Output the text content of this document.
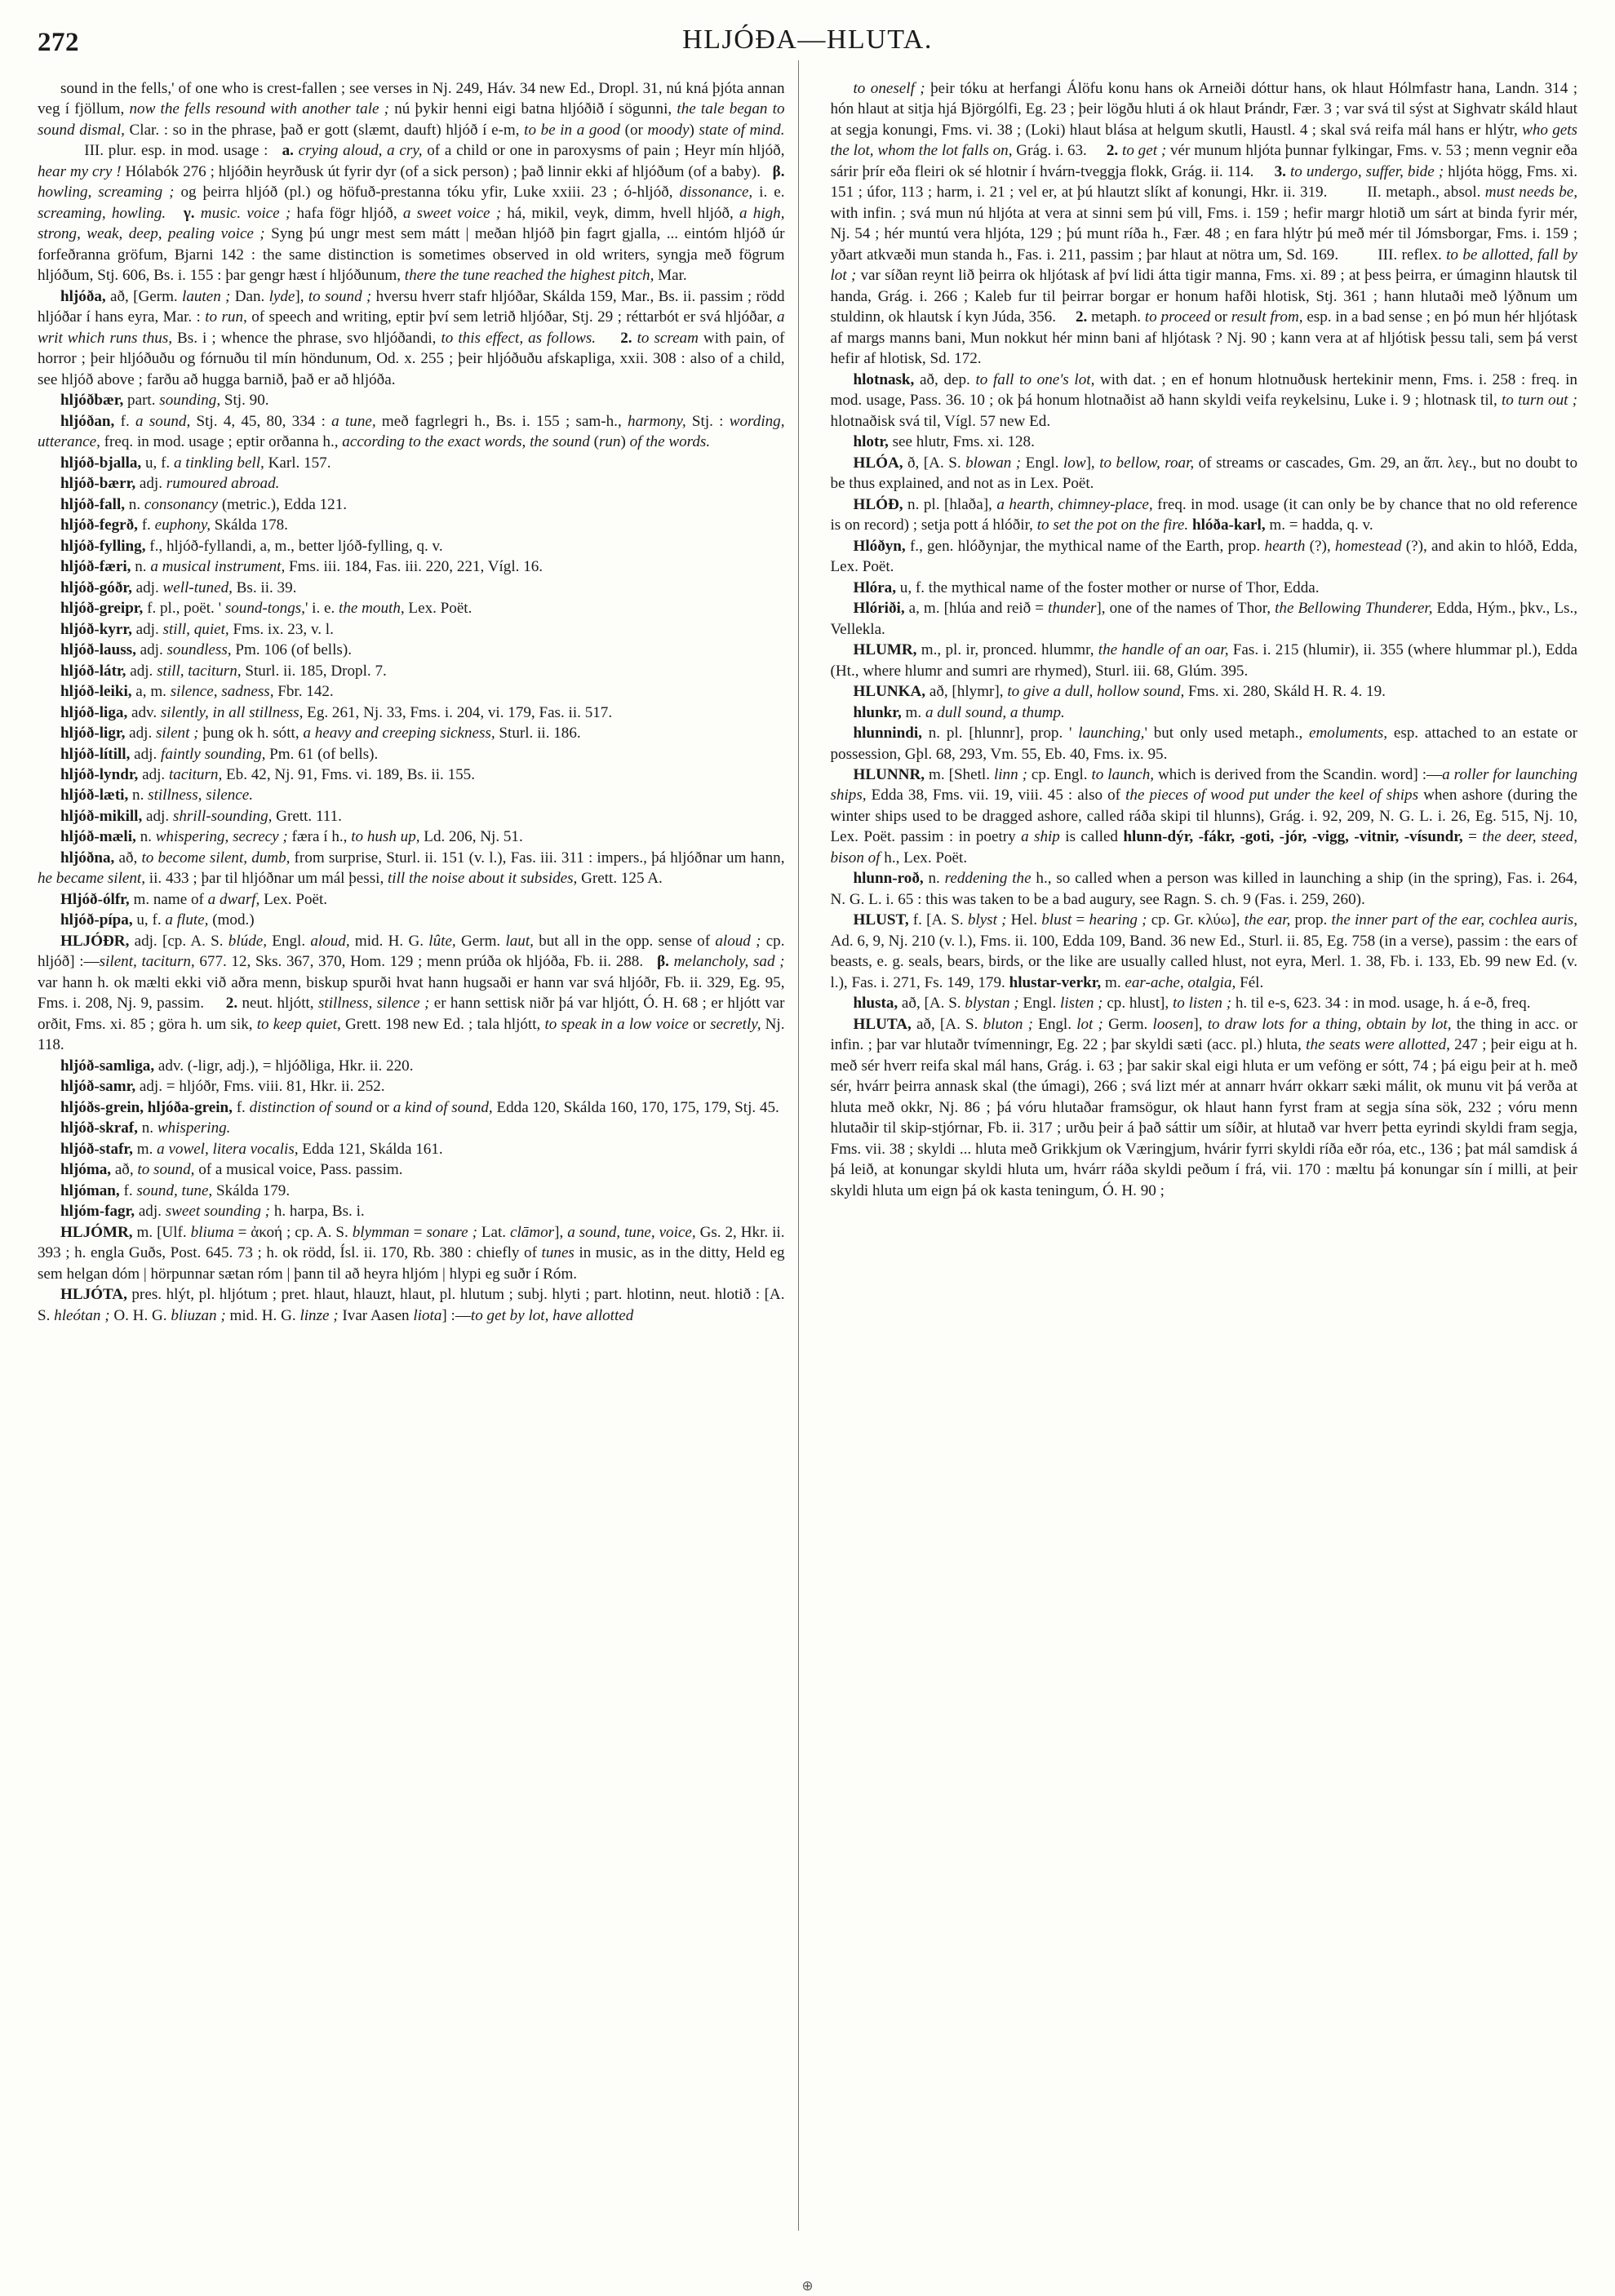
272	HLJÓÐA—HLUTA.

sound in the fells,' of one who is crest-fallen ; see verses in Nj. 249, Háv. 34 new Ed., Dropl. 31, nú kná þjóta annan veg í fjöllum, now the fells resound with another tale ; nú þykir henni eigi batna hljóðið í sögunni, the tale began to sound dismal, Clar. : so in the phrase, það er gott (slæmt, dauft) hljóð í e-m, to be in a good (or moody) state of mind.           III. plur. esp. in mod. usage :   a. crying aloud, a cry, of a child or one in paroxysms of pain ; Heyr mín hljóð, hear my cry ! Hólabók 276 ; hljóðin heyrðusk út fyrir dyr (of a sick person) ; það linnir ekki af hljóðum (of a baby).   β. howling, screaming ; og þeirra hljóð (pl.) og höfuð-prestanna tóku yfir, Luke xxiii. 23 ; ó-hljóð, dissonance, i. e. screaming, howling. γ. music. voice ; hafa fögr hljóð, a sweet voice ; há, mikil, veyk, dimm, hvell hljóð, a high, strong, weak, deep, pealing voice ; Syng þú ungr mest sem mátt | meðan hljóð þin fagrt gjalla, ... eintóm hljóð úr forfeðranna gröfum, Bjarni 142 : the same distinction is sometimes observed in old writers, syngja með fögrum hljóðum, Stj. 606, Bs. i. 155 : þar gengr hæst í hljóðunum, there the tune reached the highest pitch, Mar.

hljóða, að, [Germ. lauten ; Dan. lyde], to sound ; hversu hverr stafr hljóðar, Skálda 159, Mar., Bs. ii. passim ; rödd hljóðar í hans eyra, Mar. : to run, of speech and writing, eptir því sem letrið hljóðar, Stj. 29 ; réttarbót er svá hljóðar, a writ which runs thus, Bs. i ; whence the phrase, svo hljóðandi, to this effect, as follows. 2. to scream with pain, of horror ; þeir hljóðuðu og fórnuðu til mín höndunum, Od. x. 255 ; þeir hljóðuðu afskapliga, xxii. 308 : also of a child, see hljóð above ; farðu að hugga barnið, það er að hljóða.

hljóðbær, part. sounding, Stj. 90.

hljóðan, f. a sound, Stj. 4, 45, 80, 334 : a tune, með fagrlegri h., Bs. i. 155 ; sam-h., harmony, Stj. : wording, utterance, freq. in mod. usage ; eptir orðanna h., according to the exact words, the sound (run) of the words.

hljóð-bjalla, u, f. a tinkling bell, Karl. 157.

hljóð-bærr, adj. rumoured abroad.

hljóð-fall, n. consonancy (metric.), Edda 121.

hljóð-fegrð, f. euphony, Skálda 178.

hljóð-fylling, f., hljóð-fyllandi, a, m., better ljóð-fylling, q. v.

hljóð-færi, n. a musical instrument, Fms. iii. 184, Fas. iii. 220, 221, Vígl. 16.

hljóð-góðr, adj. well-tuned, Bs. ii. 39.

hljóð-greipr, f. pl., poët. ' sound-tongs,' i. e. the mouth, Lex. Poët.

hljóð-kyrr, adj. still, quiet, Fms. ix. 23, v. l.

hljóð-lauss, adj. soundless, Pm. 106 (of bells).

hljóð-látr, adj. still, taciturn, Sturl. ii. 185, Dropl. 7.

hljóð-leiki, a, m. silence, sadness, Fbr. 142.

hljóð-liga, adv. silently, in all stillness, Eg. 261, Nj. 33, Fms. i. 204, vi. 179, Fas. ii. 517.

hljóð-ligr, adj. silent ; þung ok h. sótt, a heavy and creeping sickness, Sturl. ii. 186.

hljóð-lítill, adj. faintly sounding, Pm. 61 (of bells).

hljóð-lyndr, adj. taciturn, Eb. 42, Nj. 91, Fms. vi. 189, Bs. ii. 155.

hljóð-læti, n. stillness, silence.

hljóð-mikill, adj. shrill-sounding, Grett. 111.

hljóð-mæli, n. whispering, secrecy ; færa í h., to hush up, Ld. 206, Nj. 51.

hljóðna, að, to become silent, dumb, from surprise, Sturl. ii. 151 (v. l.), Fas. iii. 311 : impers., þá hljóðnar um hann, he became silent, ii. 433 ; þar til hljóðnar um mál þessi, till the noise about it subsides, Grett. 125 A.

Hljóð-ólfr, m. name of a dwarf, Lex. Poët.

hljóð-pípa, u, f. a flute, (mod.)

HLJÓÐR, adj. [cp. A. S. blúde, Engl. aloud, mid. H. G. lûte, Germ. laut, but all in the opp. sense of aloud ; cp. hljóð] :—silent, taciturn, 677. 12, Sks. 367, 370, Hom. 129 ; menn prúða ok hljóða, Fb. ii. 288.   β. melancholy, sad ; var hann h. ok mælti ekki við aðra menn, biskup spurði hvat hann hugsaði er hann var svá hljóðr, Fb. ii. 329, Eg. 95, Fms. i. 208, Nj. 9, passim.     2. neut. hljótt, stillness, silence ; er hann settisk niðr þá var hljótt, Ó. H. 68 ; er hljótt var orðit, Fms. xi. 85 ; göra h. um sik, to keep quiet, Grett. 198 new Ed. ; tala hljótt, to speak in a low voice or secretly, Nj. 118.

hljóð-samliga, adv. (-ligr, adj.), = hljóðliga, Hkr. ii. 220.

hljóð-samr, adj. = hljóðr, Fms. viii. 81, Hkr. ii. 252.

hljóðs-grein, hljóða-grein, f. distinction of sound or a kind of sound, Edda 120, Skálda 160, 170, 175, 179, Stj. 45.

hljóð-skraf, n. whispering.

hljóð-stafr, m. a vowel, litera vocalis, Edda 121, Skálda 161.

hljóma, að, to sound, of a musical voice, Pass. passim.

hljóman, f. sound, tune, Skálda 179.

hljóm-fagr, adj. sweet sounding ; h. harpa, Bs. i.

HLJÓMR, m. [Ulf. bliuma = ἀκοή ; cp. A. S. blymman = sonare ; Lat. clāmor], a sound, tune, voice, Gs. 2, Hkr. ii. 393 ; h. engla Guðs, Post. 645. 73 ; h. ok rödd, Ísl. ii. 170, Rb. 380 : chiefly of tunes in music, as in the ditty, Held eg sem helgan dóm | hörpunnar sætan róm | þann til að heyra hljóm | hlypi eg suðr í Róm.

HLJÓTA, pres. hlýt, pl. hljótum ; pret. hlaut, hlauzt, hlaut, pl. hlutum ; subj. hlyti ; part. hlotinn, neut. hlotið : [A. S. hleótan ; O. H. G. bliuzan ; mid. H. G. linze ; Ivar Aasen liota] :—to get by lot, have allotted

to oneself ; þeir tóku at herfangi Álöfu konu hans ok Arneiði dóttur hans, ok hlaut Hólmfastr hana, Landn. 314 ; hón hlaut at sitja hjá Björgólfi, Eg. 23 ; þeir lögðu hluti á ok hlaut Þrándr, Fær. 3 ; var svá til sýst at Sighvatr skáld hlaut at segja konungi, Fms. vi. 38 ; (Loki) hlaut blása at helgum skutli, Haustl. 4 ; skal svá reifa mál hans er hlýtr, who gets the lot, whom the lot falls on, Grág. i. 63.     2. to get ; vér munum hljóta þunnar fylkingar, Fms. v. 53 ; menn vegnir eða sárir þrír eða fleiri ok sé hlotnir í hvárn-tveggja flokk, Grág. ii. 114.     3. to undergo, suffer, bide ; hljóta högg, Fms. xi. 151 ; úfor, 113 ; harm, i. 21 ; vel er, at þú hlautzt slíkt af konungi, Hkr. ii. 319.         II. metaph., absol. must needs be, with infin. ; svá mun nú hljóta at vera at sinni sem þú vill, Fms. i. 159 ; hefir margr hlotið um sárt at binda fyrir mér, Nj. 54 ; hér muntú vera hljóta, 129 ; þú munt ríða h., Fær. 48 ; en fara hlýtr þú með mér til Jómsborgar, Fms. i. 159 ; yðart atkvæði mun standa h., Fas. i. 211, passim ; þar hlaut at nötra um, Sd. 169.         III. reflex. to be allotted, fall by lot ; var síðan reynt lið þeirra ok hljótask af því lidi átta tigir manna, Fms. xi. 89 ; at þess þeirra, er úmaginn hlautsk til handa, Grág. i. 266 ; Kaleb fur til þeirrar borgar er honum hafði hlotisk, Stj. 361 ; hann hlutaði með lýðnum um stuldinn, ok hlautsk í kyn Júda, 356.     2. metaph. to proceed or result from, esp. in a bad sense ; en þó mun hér hljótask af margs manns bani, Mun nokkut hér minn bani af hljótask ? Nj. 90 ; kann vera at af hljótisk þessu tali, sem þá verst hefir af hlotisk, Sd. 172.

hlotnask, að, dep. to fall to one's lot, with dat. ; en ef honum hlotnuðusk hertekinir menn, Fms. i. 258 : freq. in mod. usage, Pass. 36. 10 ; ok þá honum hlotnaðist að hann skyldi veifa reykelsinu, Luke i. 9 ; hlotnask til, to turn out ; hlotnaðisk svá til, Vígl. 57 new Ed.

hlotr, see hlutr, Fms. xi. 128.

HLÓA, ð, [A. S. blowan ; Engl. low], to bellow, roar, of streams or cascades, Gm. 29, an ἅπ. λεγ., but no doubt to be thus explained, and not as in Lex. Poët.

HLÓÐ, n. pl. [hlaða], a hearth, chimney-place, freq. in mod. usage (it can only be by chance that no old reference is on record) ; setja pott á hlóðir, to set the pot on the fire. hlóða-karl, m. = hadda, q. v.

Hlóðyn, f., gen. hlóðynjar, the mythical name of the Earth, prop. hearth (?), homestead (?), and akin to hlóð, Edda, Lex. Poët.

Hlóra, u, f. the mythical name of the foster mother or nurse of Thor, Edda.

Hlóriði, a, m. [hlúa and reið = thunder], one of the names of Thor, the Bellowing Thunderer, Edda, Hým., þkv., Ls., Vellekla.

HLUMR, m., pl. ir, pronced. hlummr, the handle of an oar, Fas. i. 215 (hlumir), ii. 355 (where hlummar pl.), Edda (Ht., where hlumr and sumri are rhymed), Sturl. iii. 68, Glúm. 395.

HLUNKA, að, [hlymr], to give a dull, hollow sound, Fms. xi. 280, Skáld H. R. 4. 19.

hlunkr, m. a dull sound, a thump.

hlunnindi, n. pl. [hlunnr], prop. ' launching,' but only used metaph., emoluments, esp. attached to an estate or possession, Gþl. 68, 293, Vm. 55, Eb. 40, Fms. ix. 95.

HLUNNR, m. [Shetl. linn ; cp. Engl. to launch, which is derived from the Scandin. word] :—a roller for launching ships, Edda 38, Fms. vii. 19, viii. 45 : also of the pieces of wood put under the keel of ships when ashore (during the winter ships used to be dragged ashore, called ráða skipi til hlunns), Grág. i. 92, 209, N. G. L. i. 26, Eg. 515, Nj. 10, Lex. Poët. passim : in poetry a ship is called hlunn-dýr, -fákr, -goti, -jór, -vigg, -vitnir, -vísundr, = the deer, steed, bison of h., Lex. Poët.

hlunn-roð, n. reddening the h., so called when a person was killed in launching a ship (in the spring), Fas. i. 264, N. G. L. i. 65 : this was taken to be a bad augury, see Ragn. S. ch. 9 (Fas. i. 259, 260).

HLUST, f. [A. S. blyst ; Hel. blust = hearing ; cp. Gr. κλύω], the ear, prop. the inner part of the ear, cochlea auris, Ad. 6, 9, Nj. 210 (v. l.), Fms. ii. 100, Edda 109, Band. 36 new Ed., Sturl. ii. 85, Eg. 758 (in a verse), passim : the ears of beasts, e. g. seals, bears, birds, or the like are usually called hlust, not eyra, Merl. 1. 38, Fb. i. 133, Eb. 99 new Ed. (v. l.), Fas. i. 271, Fs. 149, 179. hlustar-verkr, m. ear-ache, otalgia, Fél.

hlusta, að, [A. S. blystan ; Engl. listen ; cp. hlust], to listen ; h. til e-s, 623. 34 : in mod. usage, h. á e-ð, freq.

HLUTA, að, [A. S. bluton ; Engl. lot ; Germ. loosen], to draw lots for a thing, obtain by lot, the thing in acc. or infin. ; þar var hlutaðr tvímenningr, Eg. 22 ; þar skyldi sæti (acc. pl.) hluta, the seats were allotted, 247 ; þeir eigu at h. með sér hverr reifa skal mál hans, Grág. i. 63 ; þar sakir skal eigi hluta er um veföng er sótt, 74 ; þá eigu þeir at h. með sér, hvárr þeirra annask skal (the úmagi), 266 ; svá lizt mér at annarr hvárr okkarr sæki málit, ok munu vit þá verða at hluta með okkr, Nj. 86 ; þá vóru hlutaðar framsögur, ok hlaut hann fyrst fram at segja sína sök, 232 ; vóru menn hlutaðir til skip-stjórnar, Fb. ii. 317 ; urðu þeir á það sáttir um síðir, at hlutað var hverr þetta eyrindi skyldi fram segja, Fms. vii. 38 ; skyldi ... hluta með Grikkjum ok Væringjum, hvárir fyrri skyldi ríða eðr róa, etc., 136 ; þat mál samdisk á þá leið, at konungar skyldi hluta um, hvárr ráða skyldi peðum í frá, vii. 170 : mæltu þá konungar sín í milli, at þeir skyldi hluta um eign þá ok kasta teningum, Ó. H. 90 ;

⊕
